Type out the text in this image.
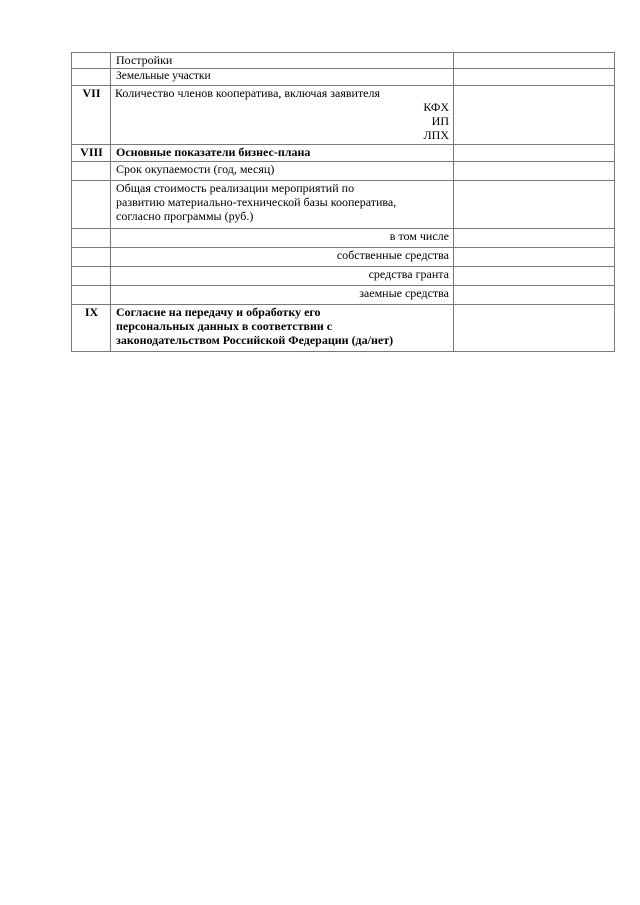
	Постройки	
	Земельные участки	
VII	Количество членов кооператива, включая заявителя
КФХ
ИП
ЛПХ	

VIII	Основные показатели бизнес-плана	
	Срок окупаемости (год, месяц)	

	Общая стоимость реализации мероприятий по
развитию материально-технической базы кооператива,
согласно программы (руб.)	

	в том числе	
	собственные средства	
	средства гранта	
	заемные средства	
IX	Согласие на передачу и обработку его
персональных данных в соответствии с
законодательством Российской Федерации (да/нет)	
